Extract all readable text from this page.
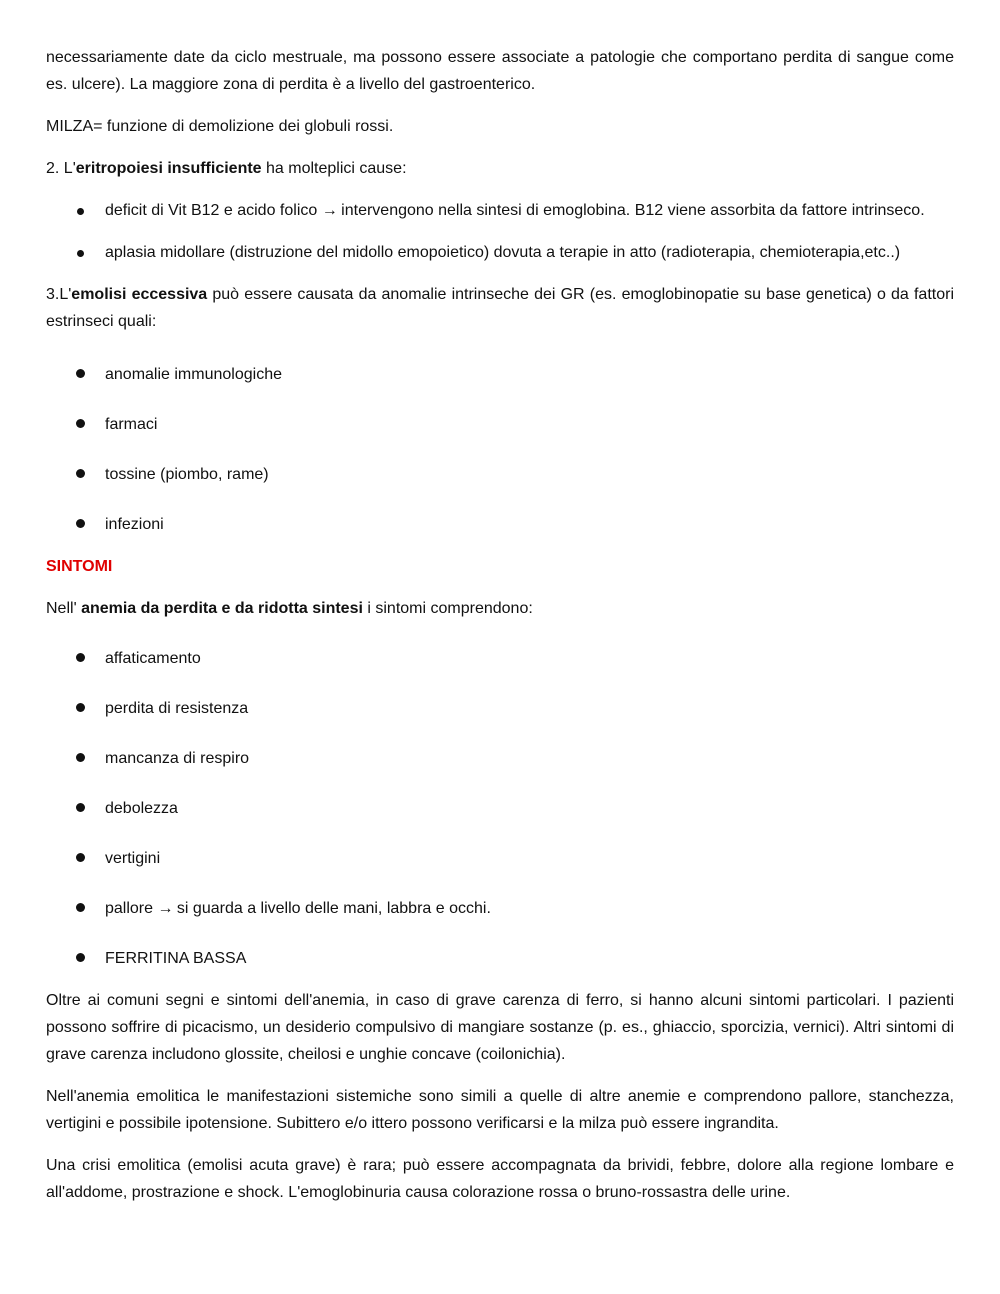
necessariamente date da ciclo mestruale, ma possono essere associate a patologie che comportano perdita di sangue come es. ulcere). La maggiore zona di perdita è a livello del gastroenterico.

MILZA= funzione di demolizione dei globuli rossi.

2. L'eritropoiesi insufficiente ha molteplici cause:

deficit di Vit B12 e acido folico → intervengono nella sintesi di emoglobina. B12 viene assorbita da fattore intrinseco.
aplasia midollare (distruzione del midollo emopoietico) dovuta a terapie in atto (radioterapia, chemioterapia,etc..)

3.L'emolisi eccessiva può essere causata da anomalie intrinseche dei GR (es. emoglobinopatie su base genetica) o da fattori estrinseci quali:

anomalie immunologiche
farmaci
tossine (piombo, rame)
infezioni

SINTOMI

Nell' anemia da perdita e da ridotta sintesi i sintomi comprendono:

affaticamento
perdita di resistenza
mancanza di respiro
debolezza
vertigini
pallore → si guarda a livello delle mani, labbra e occhi.
FERRITINA BASSA

Oltre ai comuni segni e sintomi dell'anemia, in caso di grave carenza di ferro, si hanno alcuni sintomi particolari. I pazienti possono soffrire di picacismo, un desiderio compulsivo di mangiare sostanze (p. es., ghiaccio, sporcizia, vernici). Altri sintomi di grave carenza includono glossite, cheilosi e unghie concave (coilonichia).

Nell'anemia emolitica le manifestazioni sistemiche sono simili a quelle di altre anemie e comprendono pallore, stanchezza, vertigini e possibile ipotensione. Subittero e/o ittero possono verificarsi e la milza può essere ingrandita.

Una crisi emolitica (emolisi acuta grave) è rara; può essere accompagnata da brividi, febbre, dolore alla regione lombare e all'addome, prostrazione e shock. L'emoglobinuria causa colorazione rossa o bruno-rossastra delle urine.
